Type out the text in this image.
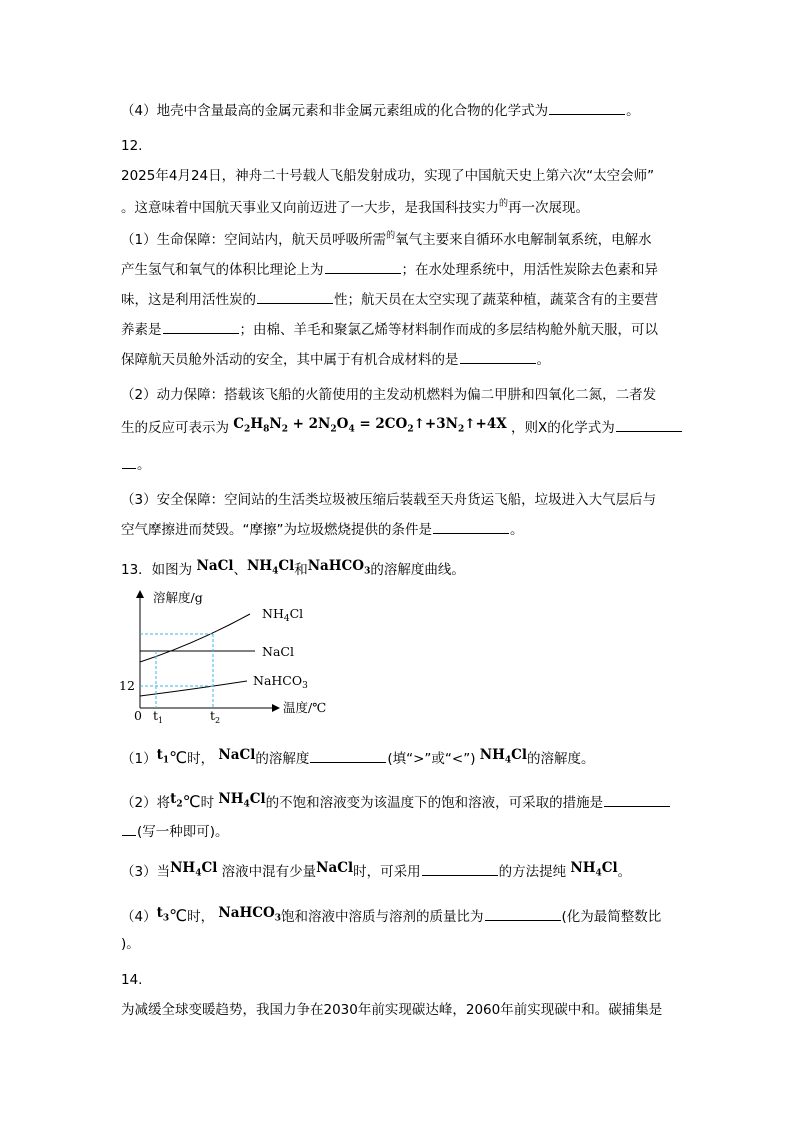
（4）地壳中含量最高的金属元素和非金属元素组成的化合物的化学式为	。
12.
2025年4月24日，神舟二十号载人飞船发射成功，实现了中国航天史上第六次“太空会师”
。这意味着中国航天事业又向前迈进了一大步，是我国科技实力$^的$再一次展现。
（1）生命保障：空间站内，航天员呼吸所需$^的$氧气主要来自循环水电解制氧系统，电解水
产生氢气和氧气的体积比理论上为	；在水处理系统中，用活性炭除去色素和异
味，这是利用活性炭的	性；航天员在太空实现了蔬菜种植，蔬菜含有的主要营
养素是	；由棉、羊毛和聚氯乙烯等材料制作而成的多层结构舱外航天服，可以
保障航天员舱外活动的安全，其中属于有机合成材料的是	。
（2）动力保障：搭载该飞船的火箭使用的主发动机燃料为偏二甲肼和四氧化二氮，二者发
生的反应可表示为 $C_2H_8N_2 + 2N_2O_4$ = $2CO_2↑+3N_2↑+4X$ ，则X的化学式为
。
（3）安全保障：空间站的生活类垃圾被压缩后装载至天舟货运飞船，垃圾进入大气层后与
空气摩擦进而焚毁。“摩擦”为垃圾燃烧提供的条件是	。
13．如图为 NaCl、$NH_4Cl$和NaHCO$_3$的溶解度曲线。
溶解度/g
温度/℃
$NH_4Cl$
NaCl
NaHCO$_3$
12
0 $t_1$	$t_2$
$(1)t_1℃$时， NaCl的溶解度	(填“>”或“<”) $NH_4Cl$的溶解度。
（2）将$t_2℃$时 $NH_4Cl$的不饱和溶液变为该温度下的饱和溶液，可采取的措施是
(写一种即可)。
（3）当$NH_4Cl$ 溶液中混有少量NaCl时，可采用	的方法提纯 $NH_4Cl$。
$(4)t_3℃$时， NaHCO$_3$饱和溶液中溶质与溶剂的质量比为	(化为最简整数比
)。
14.
为减缓全球变暖趋势，我国力争在2030年前实现碳达峰，2060年前实现碳中和。碳捕集是
